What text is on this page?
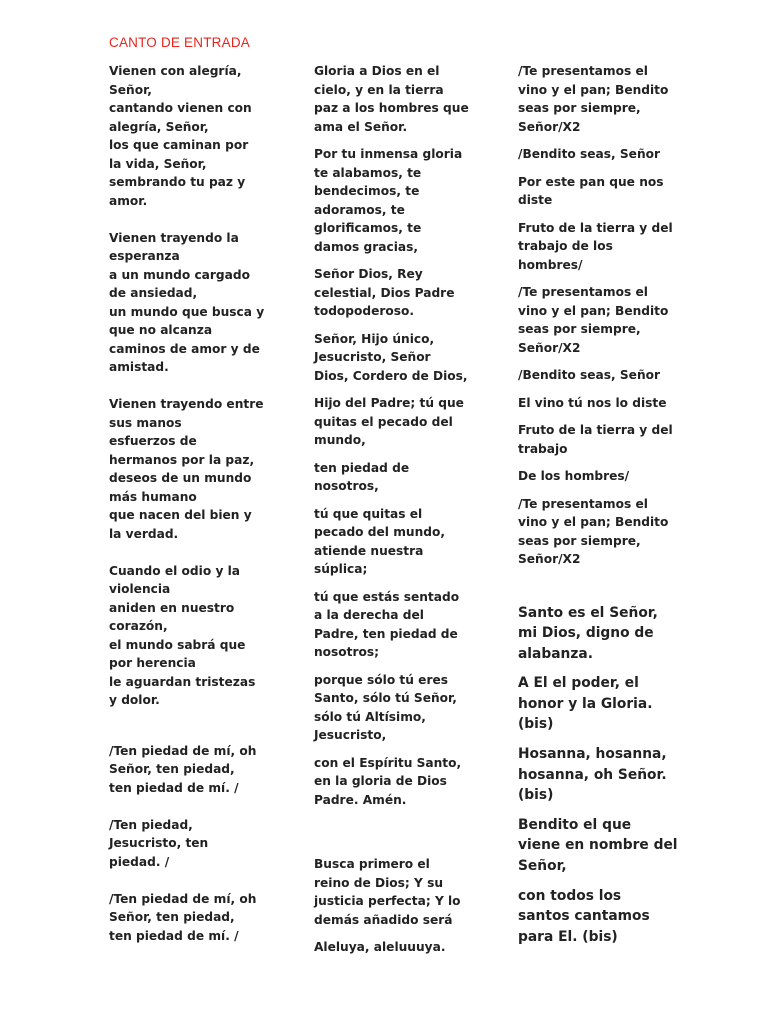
CANTO DE ENTRADA

Vienen con alegría,
Señor,
cantando vienen con
alegría, Señor,
los que caminan por
la vida, Señor,
sembrando tu paz y
amor.

Vienen trayendo la
esperanza
a un mundo cargado
de ansiedad,
un mundo que busca y
que no alcanza
caminos de amor y de
amistad.

Vienen trayendo entre
sus manos
esfuerzos de
hermanos por la paz,
deseos de un mundo
más humano
que nacen del bien y
la verdad.

Cuando el odio y la
violencia
aniden en nuestro
corazón,
el mundo sabrá que
por herencia
le aguardan tristezas
y dolor.

/Ten piedad de mí, oh
Señor, ten piedad,
ten piedad de mí. /

/Ten piedad,
Jesucristo, ten
piedad. /

/Ten piedad de mí, oh
Señor, ten piedad,
ten piedad de mí. /

Gloria a Dios en el
cielo, y en la tierra
paz a los hombres que
ama el Señor.

Por tu inmensa gloria
te alabamos, te
bendecimos, te
adoramos, te
glorificamos, te
damos gracias,

Señor Dios, Rey
celestial, Dios Padre
todopoderoso.

Señor, Hijo único,
Jesucristo, Señor
Dios, Cordero de Dios,

Hijo del Padre; tú que
quitas el pecado del
mundo,

ten piedad de
nosotros,

tú que quitas el
pecado del mundo,
atiende nuestra
súplica;

tú que estás sentado
a la derecha del
Padre, ten piedad de
nosotros;

porque sólo tú eres
Santo, sólo tú Señor,
sólo tú Altísimo,
Jesucristo,

con el Espíritu Santo,
en la gloria de Dios
Padre. Amén.

Busca primero el
reino de Dios; Y su
justicia perfecta; Y lo
demás añadido será

Aleluya, aleluuuya.

/Te presentamos el
vino y el pan; Bendito
seas por siempre,
Señor/X2

/Bendito seas, Señor

Por este pan que nos
diste

Fruto de la tierra y del
trabajo de los
hombres/

/Te presentamos el
vino y el pan; Bendito
seas por siempre,
Señor/X2

/Bendito seas, Señor

El vino tú nos lo diste

Fruto de la tierra y del
trabajo

De los hombres/

/Te presentamos el
vino y el pan; Bendito
seas por siempre,
Señor/X2

Santo es el Señor,
mi Dios, digno de
alabanza.

A El el poder, el
honor y la Gloria.
(bis)

Hosanna, hosanna,
hosanna, oh Señor.
(bis)

Bendito el que
viene en nombre del
Señor,

con todos los
santos cantamos
para El. (bis)
